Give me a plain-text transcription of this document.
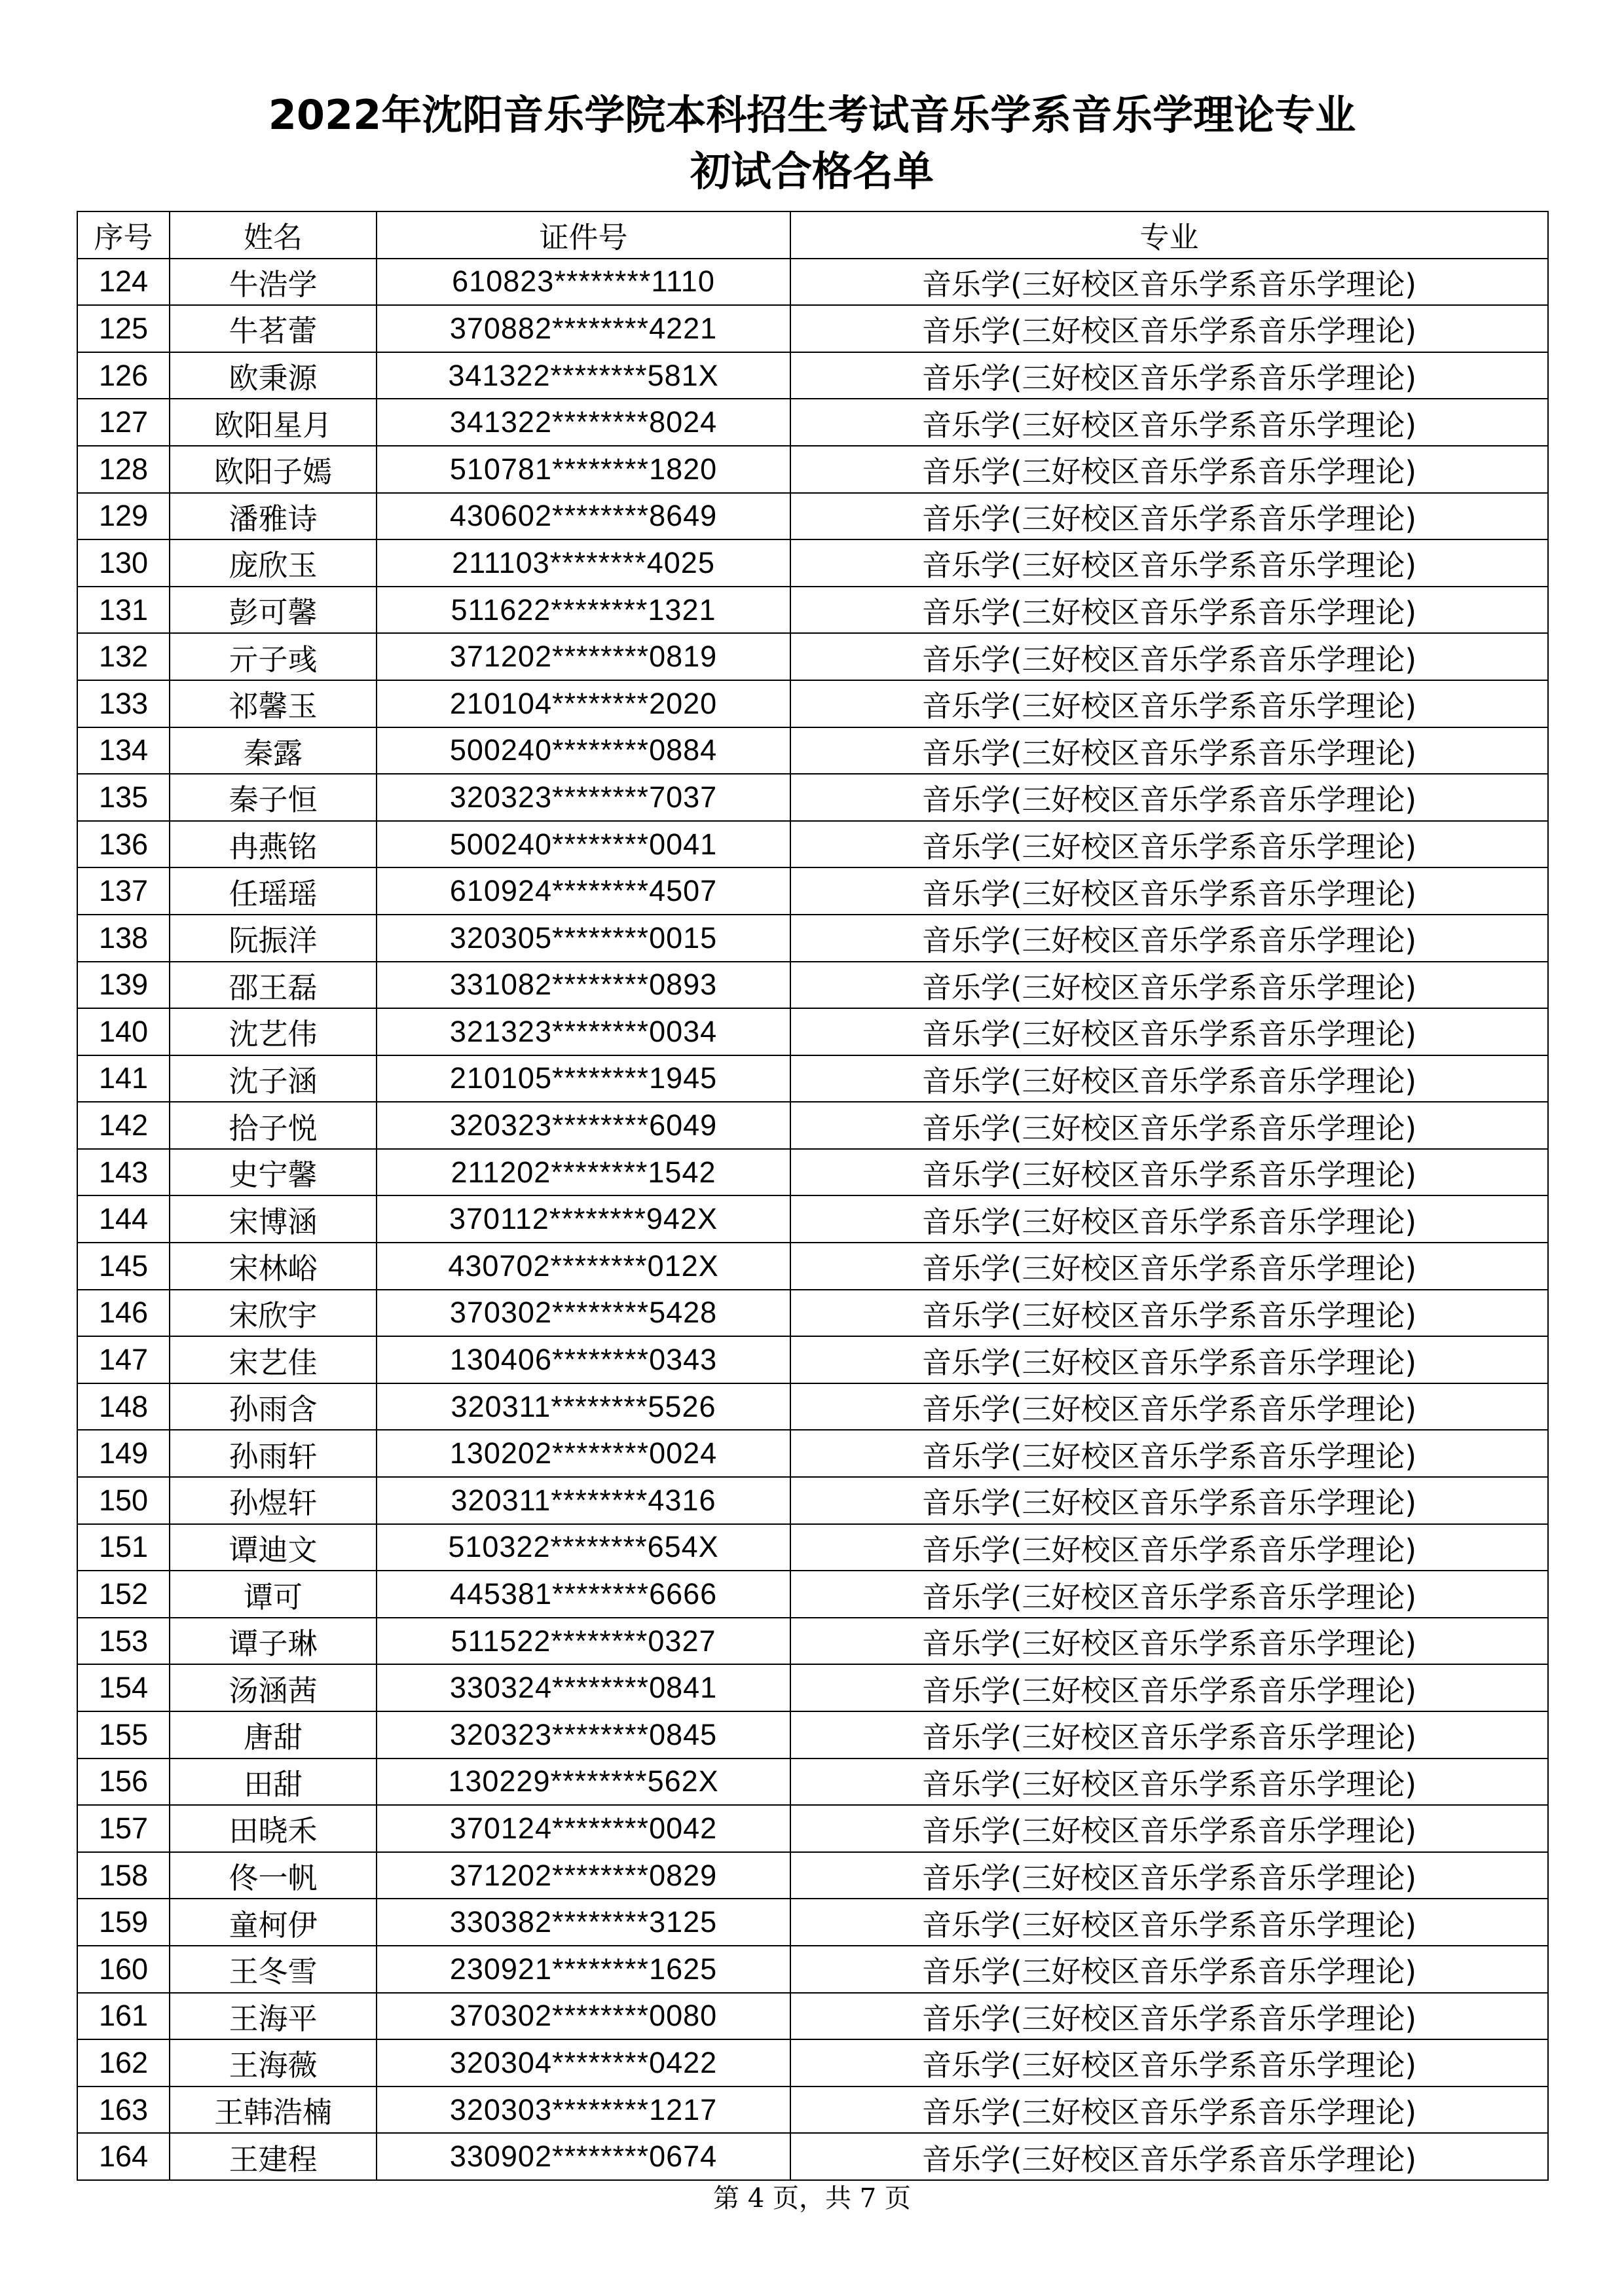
2022年沈阳音乐学院本科招生考试音乐学系音乐学理论专业
初试合格名单
序号	姓名	证件号	专业
124	牛浩学	610823********1110	音乐学(三好校区音乐学系音乐学理论)
125	牛茗蕾	370882********4221	音乐学(三好校区音乐学系音乐学理论)
126	欧秉源	341322********581X	音乐学(三好校区音乐学系音乐学理论)
127	欧阳星月	341322********8024	音乐学(三好校区音乐学系音乐学理论)
128	欧阳子嫣	510781********1820	音乐学(三好校区音乐学系音乐学理论)
129	潘雅诗	430602********8649	音乐学(三好校区音乐学系音乐学理论)
130	庞欣玉	211103********4025	音乐学(三好校区音乐学系音乐学理论)
131	彭可馨	511622********1321	音乐学(三好校区音乐学系音乐学理论)
132	亓子彧	371202********0819	音乐学(三好校区音乐学系音乐学理论)
133	祁馨玉	210104********2020	音乐学(三好校区音乐学系音乐学理论)
134	秦露	500240********0884	音乐学(三好校区音乐学系音乐学理论)
135	秦子恒	320323********7037	音乐学(三好校区音乐学系音乐学理论)
136	冉燕铭	500240********0041	音乐学(三好校区音乐学系音乐学理论)
137	任瑶瑶	610924********4507	音乐学(三好校区音乐学系音乐学理论)
138	阮振洋	320305********0015	音乐学(三好校区音乐学系音乐学理论)
139	邵王磊	331082********0893	音乐学(三好校区音乐学系音乐学理论)
140	沈艺伟	321323********0034	音乐学(三好校区音乐学系音乐学理论)
141	沈子涵	210105********1945	音乐学(三好校区音乐学系音乐学理论)
142	拾子悦	320323********6049	音乐学(三好校区音乐学系音乐学理论)
143	史宁馨	211202********1542	音乐学(三好校区音乐学系音乐学理论)
144	宋博涵	370112********942X	音乐学(三好校区音乐学系音乐学理论)
145	宋林峪	430702********012X	音乐学(三好校区音乐学系音乐学理论)
146	宋欣宇	370302********5428	音乐学(三好校区音乐学系音乐学理论)
147	宋艺佳	130406********0343	音乐学(三好校区音乐学系音乐学理论)
148	孙雨含	320311********5526	音乐学(三好校区音乐学系音乐学理论)
149	孙雨轩	130202********0024	音乐学(三好校区音乐学系音乐学理论)
150	孙煜轩	320311********4316	音乐学(三好校区音乐学系音乐学理论)
151	谭迪文	510322********654X	音乐学(三好校区音乐学系音乐学理论)
152	谭可	445381********6666	音乐学(三好校区音乐学系音乐学理论)
153	谭子琳	511522********0327	音乐学(三好校区音乐学系音乐学理论)
154	汤涵茜	330324********0841	音乐学(三好校区音乐学系音乐学理论)
155	唐甜	320323********0845	音乐学(三好校区音乐学系音乐学理论)
156	田甜	130229********562X	音乐学(三好校区音乐学系音乐学理论)
157	田晓禾	370124********0042	音乐学(三好校区音乐学系音乐学理论)
158	佟一帆	371202********0829	音乐学(三好校区音乐学系音乐学理论)
159	童柯伊	330382********3125	音乐学(三好校区音乐学系音乐学理论)
160	王冬雪	230921********1625	音乐学(三好校区音乐学系音乐学理论)
161	王海平	370302********0080	音乐学(三好校区音乐学系音乐学理论)
162	王海薇	320304********0422	音乐学(三好校区音乐学系音乐学理论)
163	王韩浩楠	320303********1217	音乐学(三好校区音乐学系音乐学理论)
164	王建程	330902********0674	音乐学(三好校区音乐学系音乐学理论)
第 4 页，共 7 页
